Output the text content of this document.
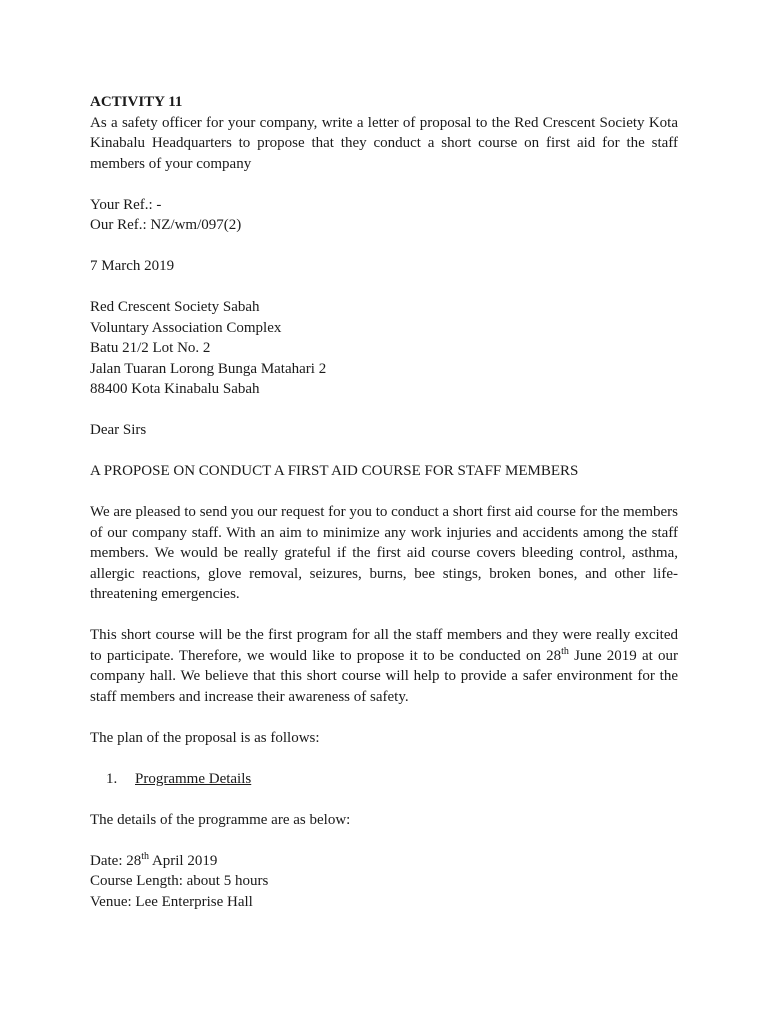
ACTIVITY 11

As a safety officer for your company, write a letter of proposal to the Red Crescent Society Kota Kinabalu Headquarters to propose that they conduct a short course on first aid for the staff members of your company

Your Ref.: -

Our Ref.: NZ/wm/097(2)

7 March 2019

Red Crescent Society Sabah

Voluntary Association Complex

Batu 21/2 Lot No. 2

Jalan Tuaran Lorong Bunga Matahari 2

88400 Kota Kinabalu Sabah

Dear Sirs

A PROPOSE ON CONDUCT A FIRST AID COURSE FOR STAFF MEMBERS

We are pleased to send you our request for you to conduct a short first aid course for the members of our company staff. With an aim to minimize any work injuries and accidents among the staff members. We would be really grateful if the first aid course covers bleeding control, asthma, allergic reactions, glove removal, seizures, burns, bee stings, broken bones, and other life-threatening emergencies.

This short course will be the first program for all the staff members and they were really excited to participate. Therefore, we would like to propose it to be conducted on 28th June 2019 at our company hall. We believe that this short course will help to provide a safer environment for the staff members and increase their awareness of safety.

The plan of the proposal is as follows:

1. Programme Details

The details of the programme are as below:

Date: 28th April 2019

Course Length: about 5 hours

Venue: Lee Enterprise Hall
